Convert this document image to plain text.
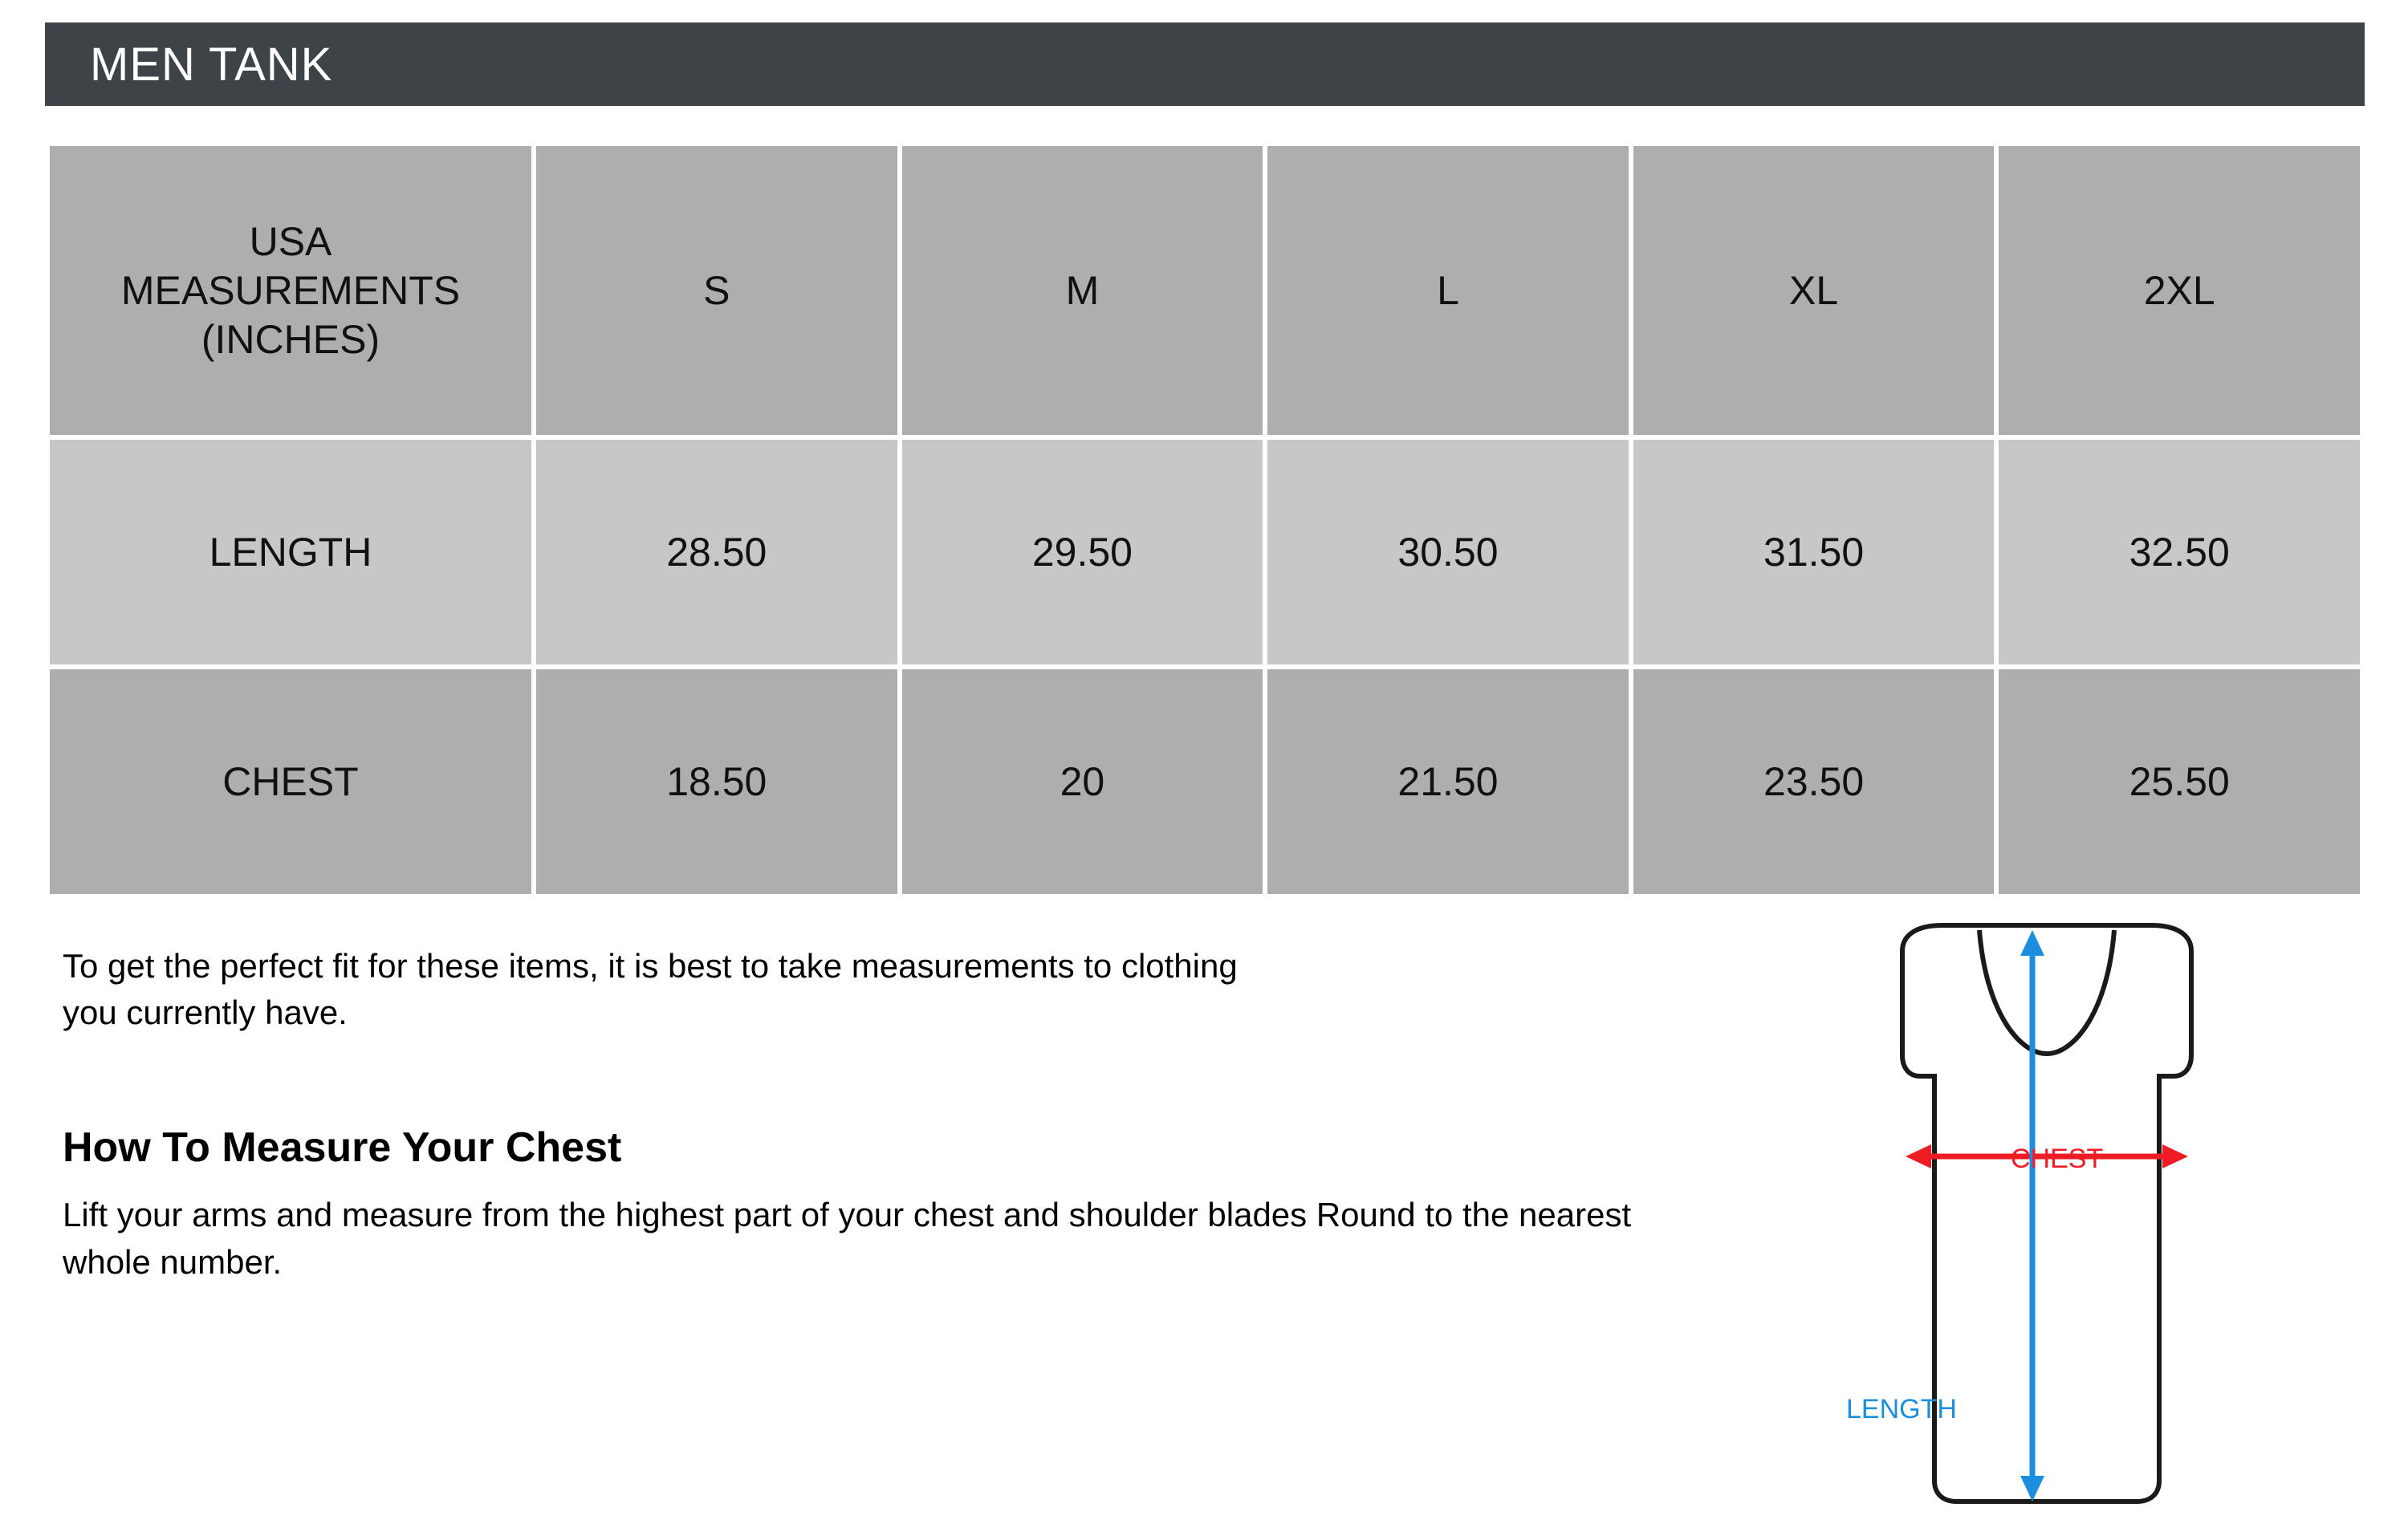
MEN TANK
USA
MEASUREMENTS
(INCHES)	S	M	L	XL	2XL
LENGTH	28.50	29.50	30.50	31.50	32.50
CHEST	18.50	20	21.50	23.50	25.50
To get the perfect fit for these items, it is best to take measurements to clothing you currently have.
How To Measure Your Chest
Lift your arms and measure from the highest part of your chest and shoulder blades Round to the nearest whole number.
CHEST
LENGTH
